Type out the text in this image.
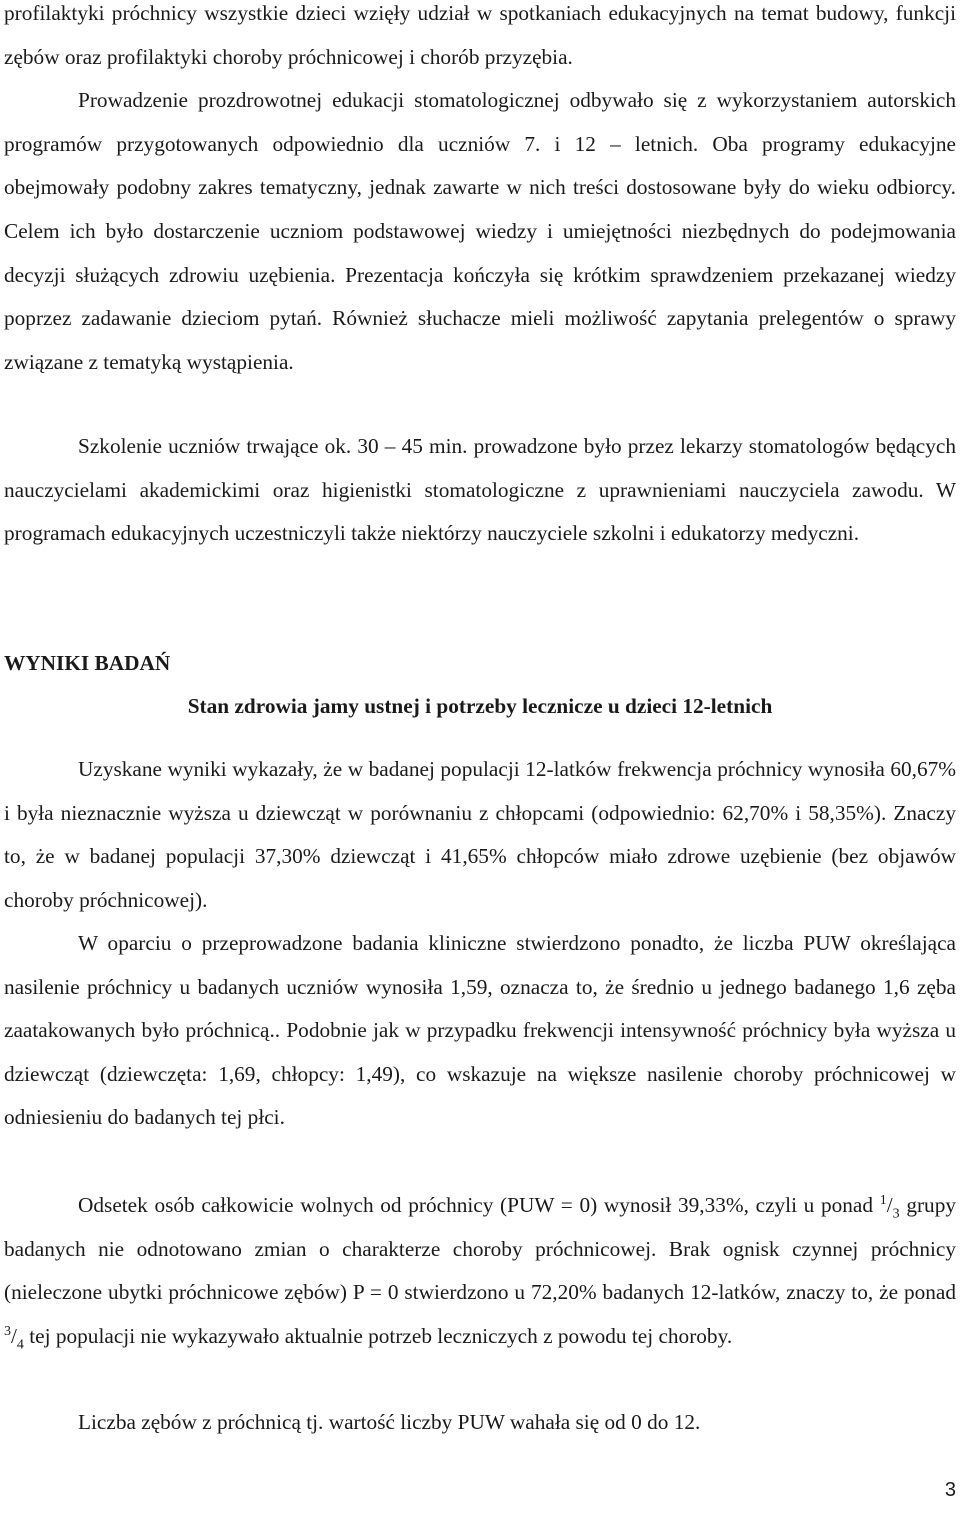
profilaktyki próchnicy wszystkie dzieci wzięły udział w spotkaniach edukacyjnych na temat budowy, funkcji zębów oraz profilaktyki choroby próchnicowej i chorób przyzębia.

Prowadzenie prozdrowotnej edukacji stomatologicznej odbywało się z wykorzystaniem autorskich programów przygotowanych odpowiednio dla uczniów 7. i 12 – letnich. Oba programy edukacyjne obejmowały podobny zakres tematyczny, jednak zawarte w nich treści dostosowane były do wieku odbiorcy. Celem ich było dostarczenie uczniom podstawowej wiedzy i umiejętności niezbędnych do podejmowania decyzji służących zdrowiu uzębienia. Prezentacja kończyła się krótkim sprawdzeniem przekazanej wiedzy poprzez zadawanie dzieciom pytań. Również słuchacze mieli możliwość zapytania prelegentów o sprawy związane z tematyką wystąpienia.

Szkolenie uczniów trwające ok. 30 – 45 min. prowadzone było przez lekarzy stomatologów będących nauczycielami akademickimi oraz higienistki stomatologiczne z uprawnieniami nauczyciela zawodu. W programach edukacyjnych uczestniczyli także niektórzy nauczyciele szkolni i edukatorzy medyczni.

WYNIKI BADAŃ
Stan zdrowia jamy ustnej i potrzeby lecznicze u dzieci 12-letnich

Uzyskane wyniki wykazały, że w badanej populacji 12-latków frekwencja próchnicy wynosiła 60,67% i była nieznacznie wyższa u dziewcząt w porównaniu z chłopcami (odpowiednio: 62,70% i 58,35%). Znaczy to, że w badanej populacji 37,30% dziewcząt i 41,65% chłopców miało zdrowe uzębienie (bez objawów choroby próchnicowej).

W oparciu o przeprowadzone badania kliniczne stwierdzono ponadto, że liczba PUW określająca nasilenie próchnicy u badanych uczniów wynosiła 1,59, oznacza to, że średnio u jednego badanego 1,6 zęba zaatakowanych było próchnicą.. Podobnie jak w przypadku frekwencji intensywność próchnicy była wyższa u dziewcząt (dziewczęta: 1,69, chłopcy: 1,49), co wskazuje na większe nasilenie choroby próchnicowej w odniesieniu do badanych tej płci.

Odsetek osób całkowicie wolnych od próchnicy (PUW = 0) wynosił 39,33%, czyli u ponad $^1/_3$ grupy badanych nie odnotowano zmian o charakterze choroby próchnicowej. Brak ognisk czynnej próchnicy (nieleczone ubytki próchnicowe zębów) P = 0 stwierdzono u 72,20% badanych 12-latków, znaczy to, że ponad $^3/_4$ tej populacji nie wykazywało aktualnie potrzeb leczniczych z powodu tej choroby.

Liczba zębów z próchnicą tj. wartość liczby PUW wahała się od 0 do 12.

3
